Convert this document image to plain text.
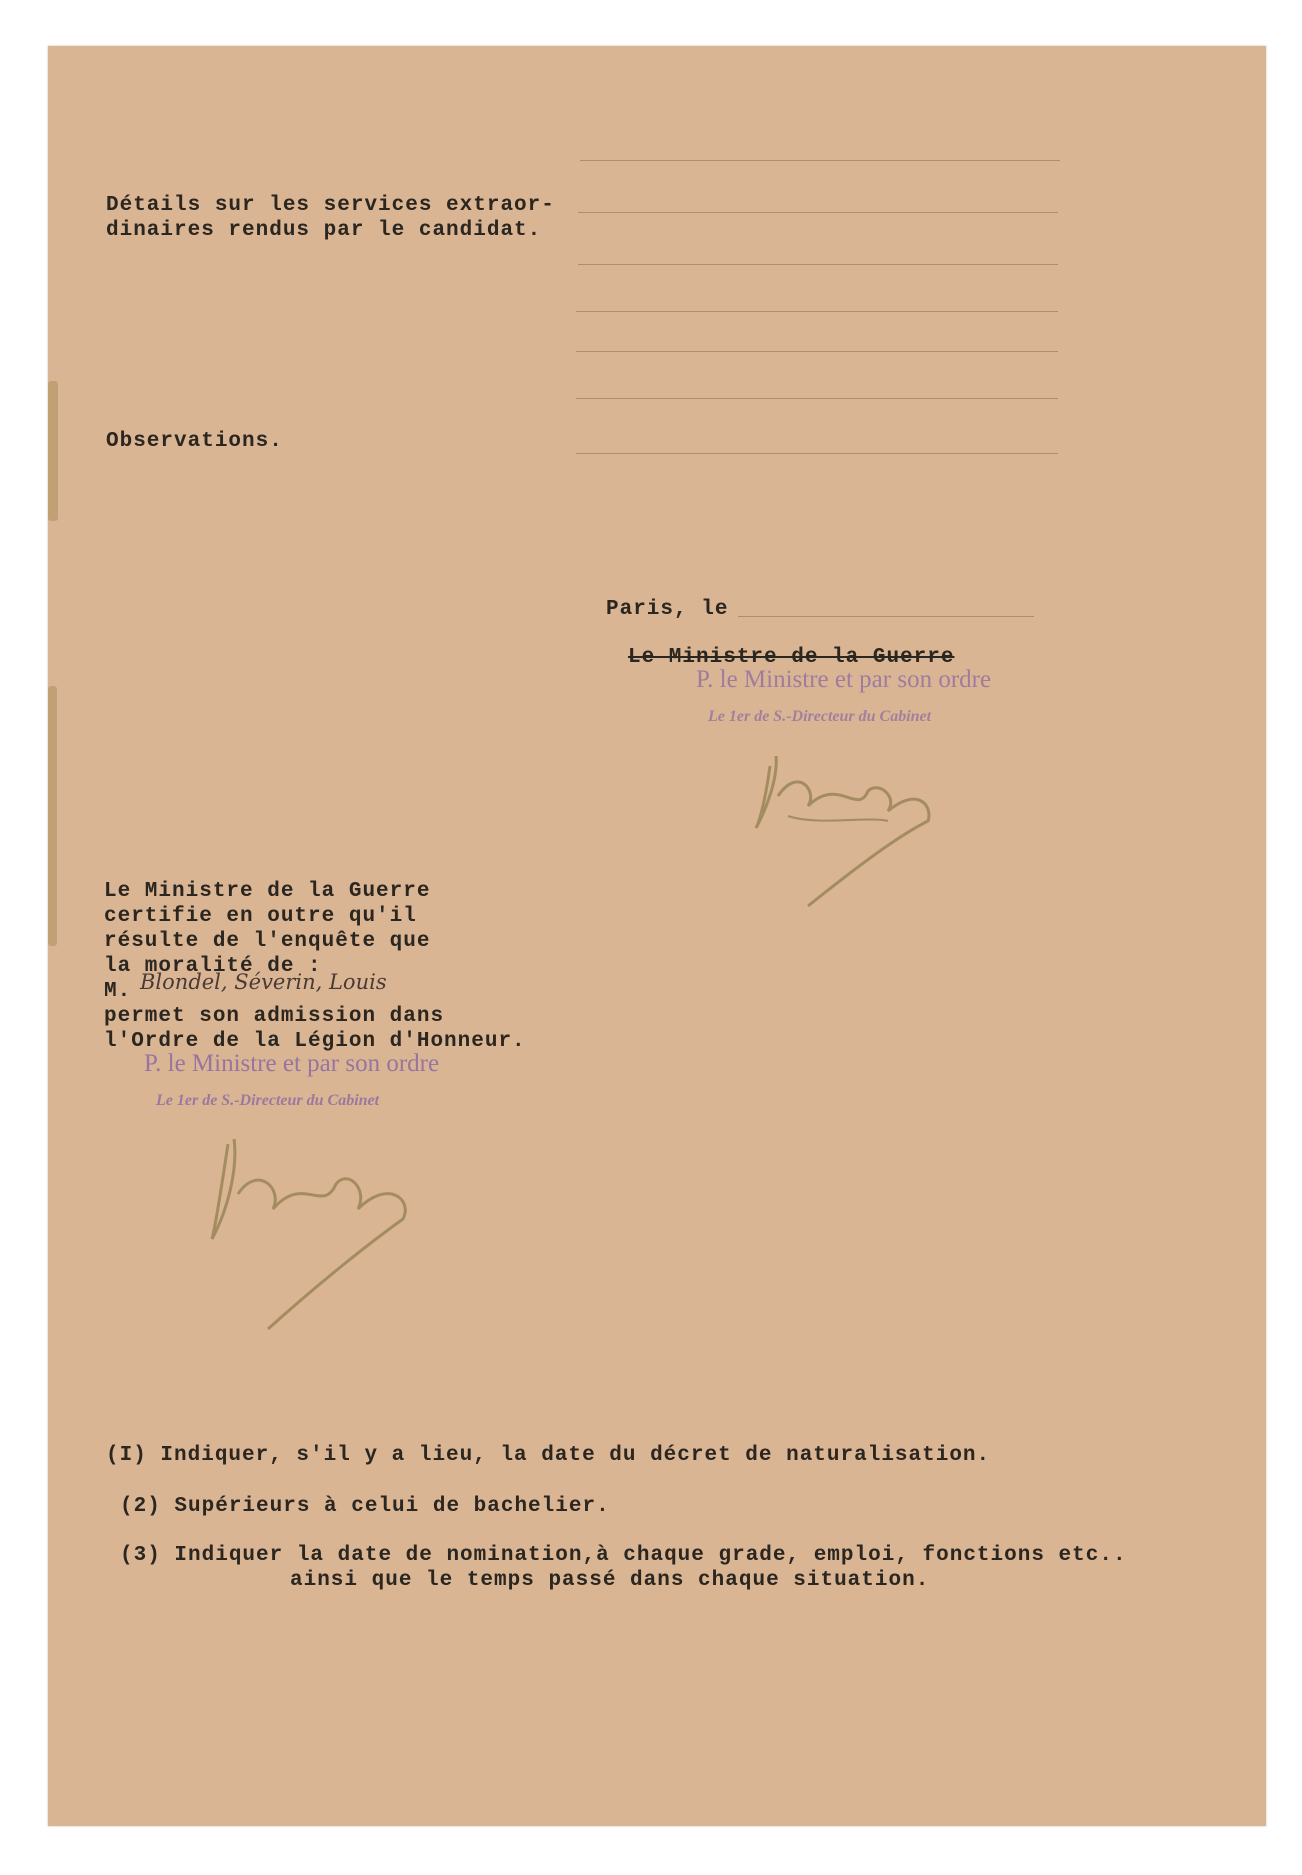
Détails sur les services extraor-
dinaires rendus par le candidat.
Observations.
Paris, le
Le Ministre de la Guerre
P. le Ministre et par son ordre
Le 1er de S.-Directeur du Cabinet
Le Ministre de la Guerre
certifie en outre qu'il
résulte de l'enquête que
la moralité de :
M. Blondel, Séverin, Louis
permet son admission dans
l'Ordre de la Légion d'Honneur.
P. le Ministre et par son ordre
Le 1er de S.-Directeur du Cabinet
(I) Indiquer, s'il y a lieu, la date du décret de naturalisation.
(2) Supérieurs à celui de bachelier.
(3) Indiquer la date de nomination,à chaque grade, emploi, fonctions etc..
ainsi que le temps passé dans chaque situation.
